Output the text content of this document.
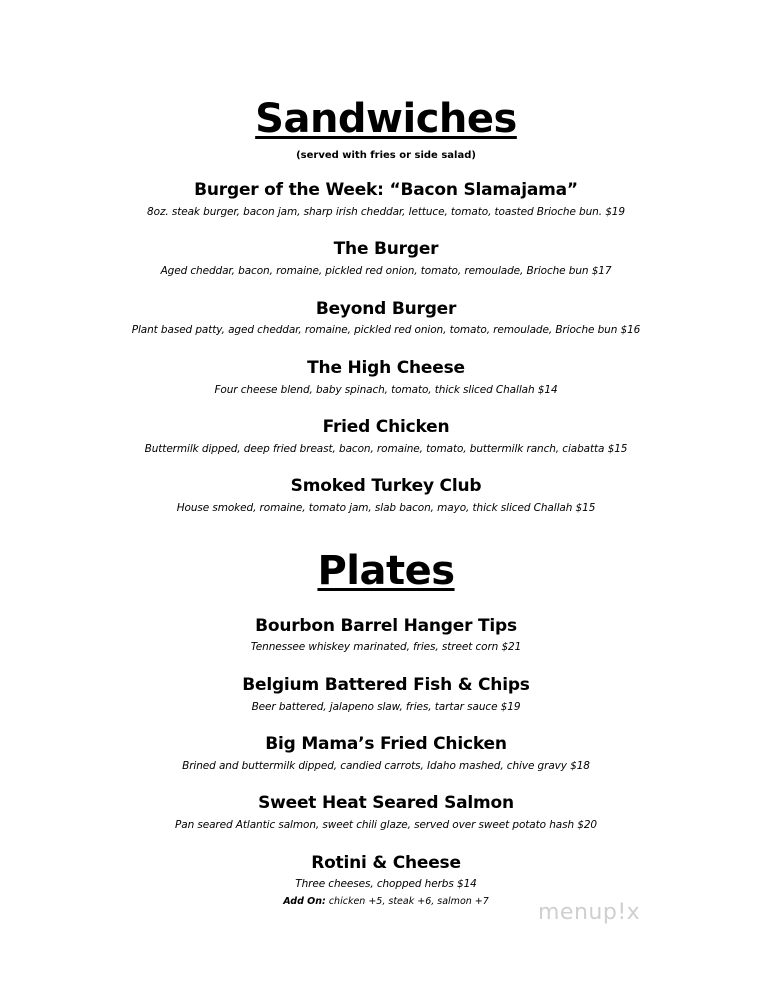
Sandwiches
(served with fries or side salad)
Burger of the Week: “Bacon Slamajama”
8oz. steak burger, bacon jam, sharp irish cheddar, lettuce, tomato, toasted Brioche bun. $19
The Burger
Aged cheddar, bacon, romaine, pickled red onion, tomato, remoulade, Brioche bun $17
Beyond Burger
Plant based patty, aged cheddar, romaine, pickled red onion, tomato, remoulade, Brioche bun $16
The High Cheese
Four cheese blend, baby spinach, tomato, thick sliced Challah $14
Fried Chicken
Buttermilk dipped, deep fried breast, bacon, romaine, tomato, buttermilk ranch, ciabatta $15
Smoked Turkey Club
House smoked, romaine, tomato jam, slab bacon, mayo, thick sliced Challah $15
Plates
Bourbon Barrel Hanger Tips
Tennessee whiskey marinated, fries, street corn $21
Belgium Battered Fish & Chips
Beer battered, jalapeno slaw, fries, tartar sauce $19
Big Mama’s Fried Chicken
Brined and buttermilk dipped, candied carrots, Idaho mashed, chive gravy $18
Sweet Heat Seared Salmon
Pan seared Atlantic salmon, sweet chili glaze, served over sweet potato hash $20
Rotini & Cheese
Three cheeses, chopped herbs $14
Add On: chicken +5, steak +6, salmon +7	menup!x
